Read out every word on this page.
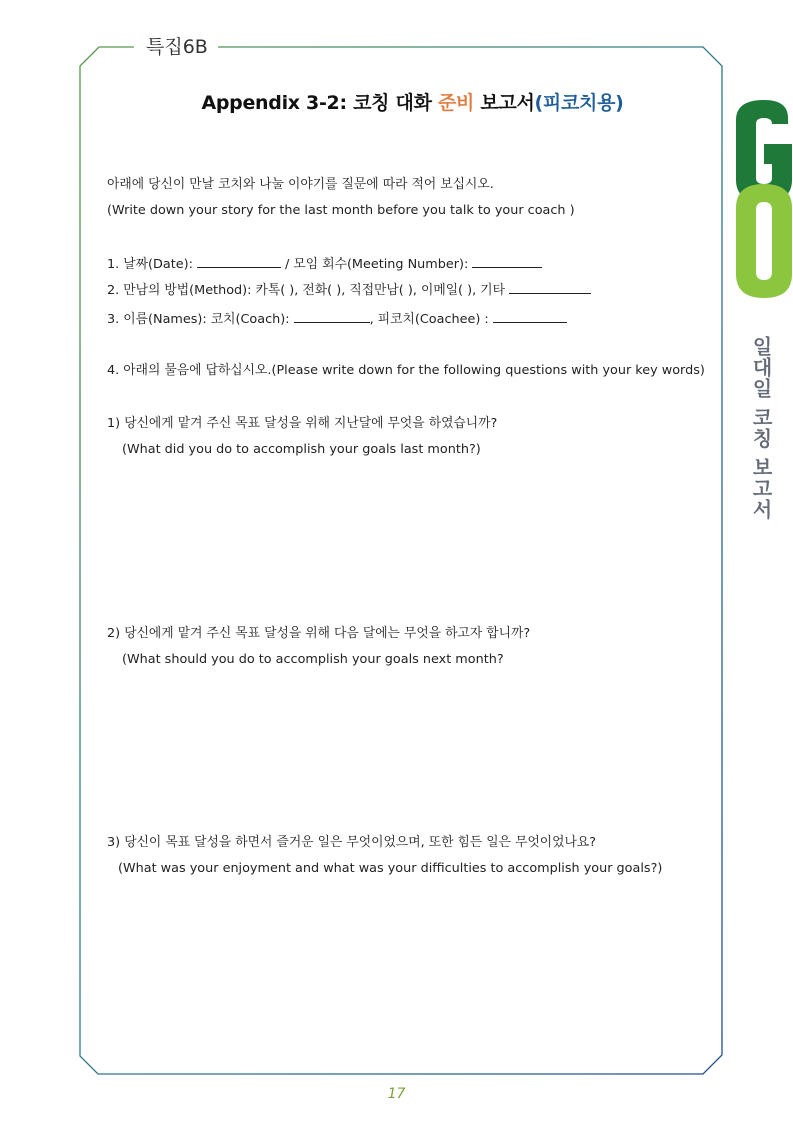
특집6B
Appendix 3-2: 코칭 대화 준비 보고서(피코치용)
일대일 코칭 보고서
아래에 당신이 만날 코치와 나눌 이야기를 질문에 따라 적어 보십시오.
(Write down your story for the last month before you talk to your coach )
1. 날짜(Date):	/ 모임 회수(Meeting Number):
2. 만남의 방법(Method): 카톡( ), 전화( ), 직접만남( ), 이메일( ), 기타
3. 이름(Names): 코치(Coach):	, 피코치(Coachee) :
4. 아래의 물음에 답하십시오.(Please write down for the following questions with your key words)
1) 당신에게 맡겨 주신 목표 달성을 위해 지난달에 무엇을 하였습니까?
(What did you do to accomplish your goals last month?)
2) 당신에게 맡겨 주신 목표 달성을 위해 다음 달에는 무엇을 하고자 합니까?
(What should you do to accomplish your goals next month?
3) 당신이 목표 달성을 하면서 즐거운 일은 무엇이었으며, 또한 힘든 일은 무엇이었나요?
(What was your enjoyment and what was your difficulties to accomplish your goals?)
17
